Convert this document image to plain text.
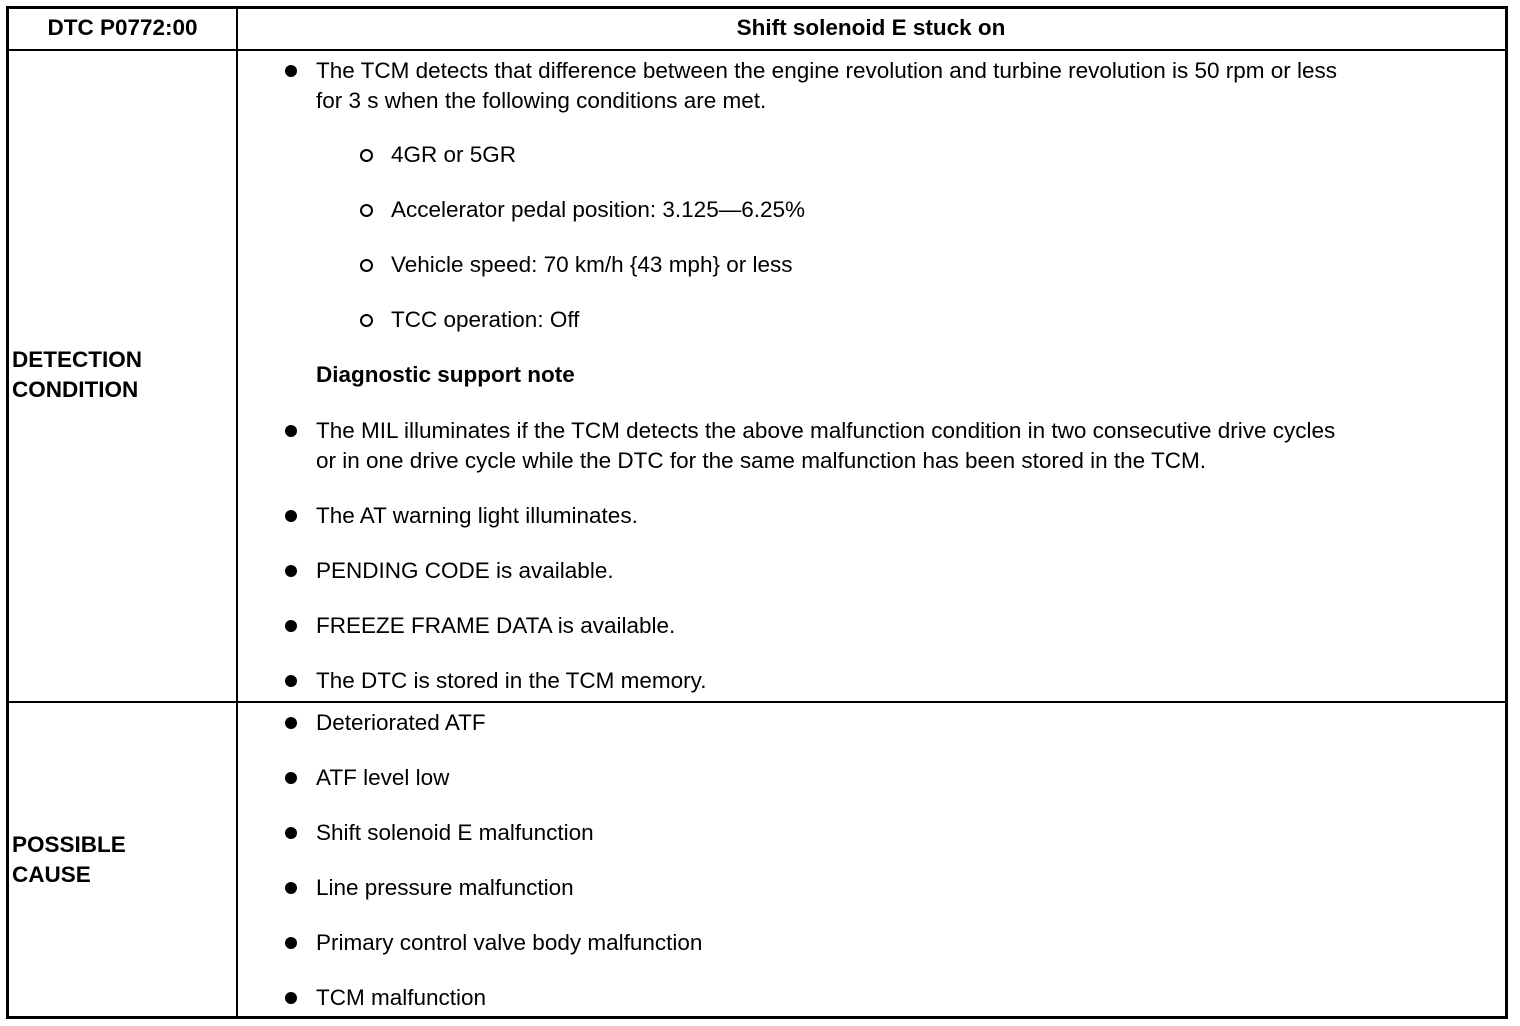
DTC P0772:00	Shift solenoid E stuck on
DETECTION
CONDITION
The TCM detects that difference between the engine revolution and turbine revolution is 50 rpm or less
for 3 s when the following conditions are met.
4GR or 5GR
Accelerator pedal position: 3.125—6.25%
Vehicle speed: 70 km/h {43 mph} or less
TCC operation: Off
Diagnostic support note
The MIL illuminates if the TCM detects the above malfunction condition in two consecutive drive cycles
or in one drive cycle while the DTC for the same malfunction has been stored in the TCM.
The AT warning light illuminates.
PENDING CODE is available.
FREEZE FRAME DATA is available.
The DTC is stored in the TCM memory.
POSSIBLE
CAUSE
Deteriorated ATF
ATF level low
Shift solenoid E malfunction
Line pressure malfunction
Primary control valve body malfunction
TCM malfunction
